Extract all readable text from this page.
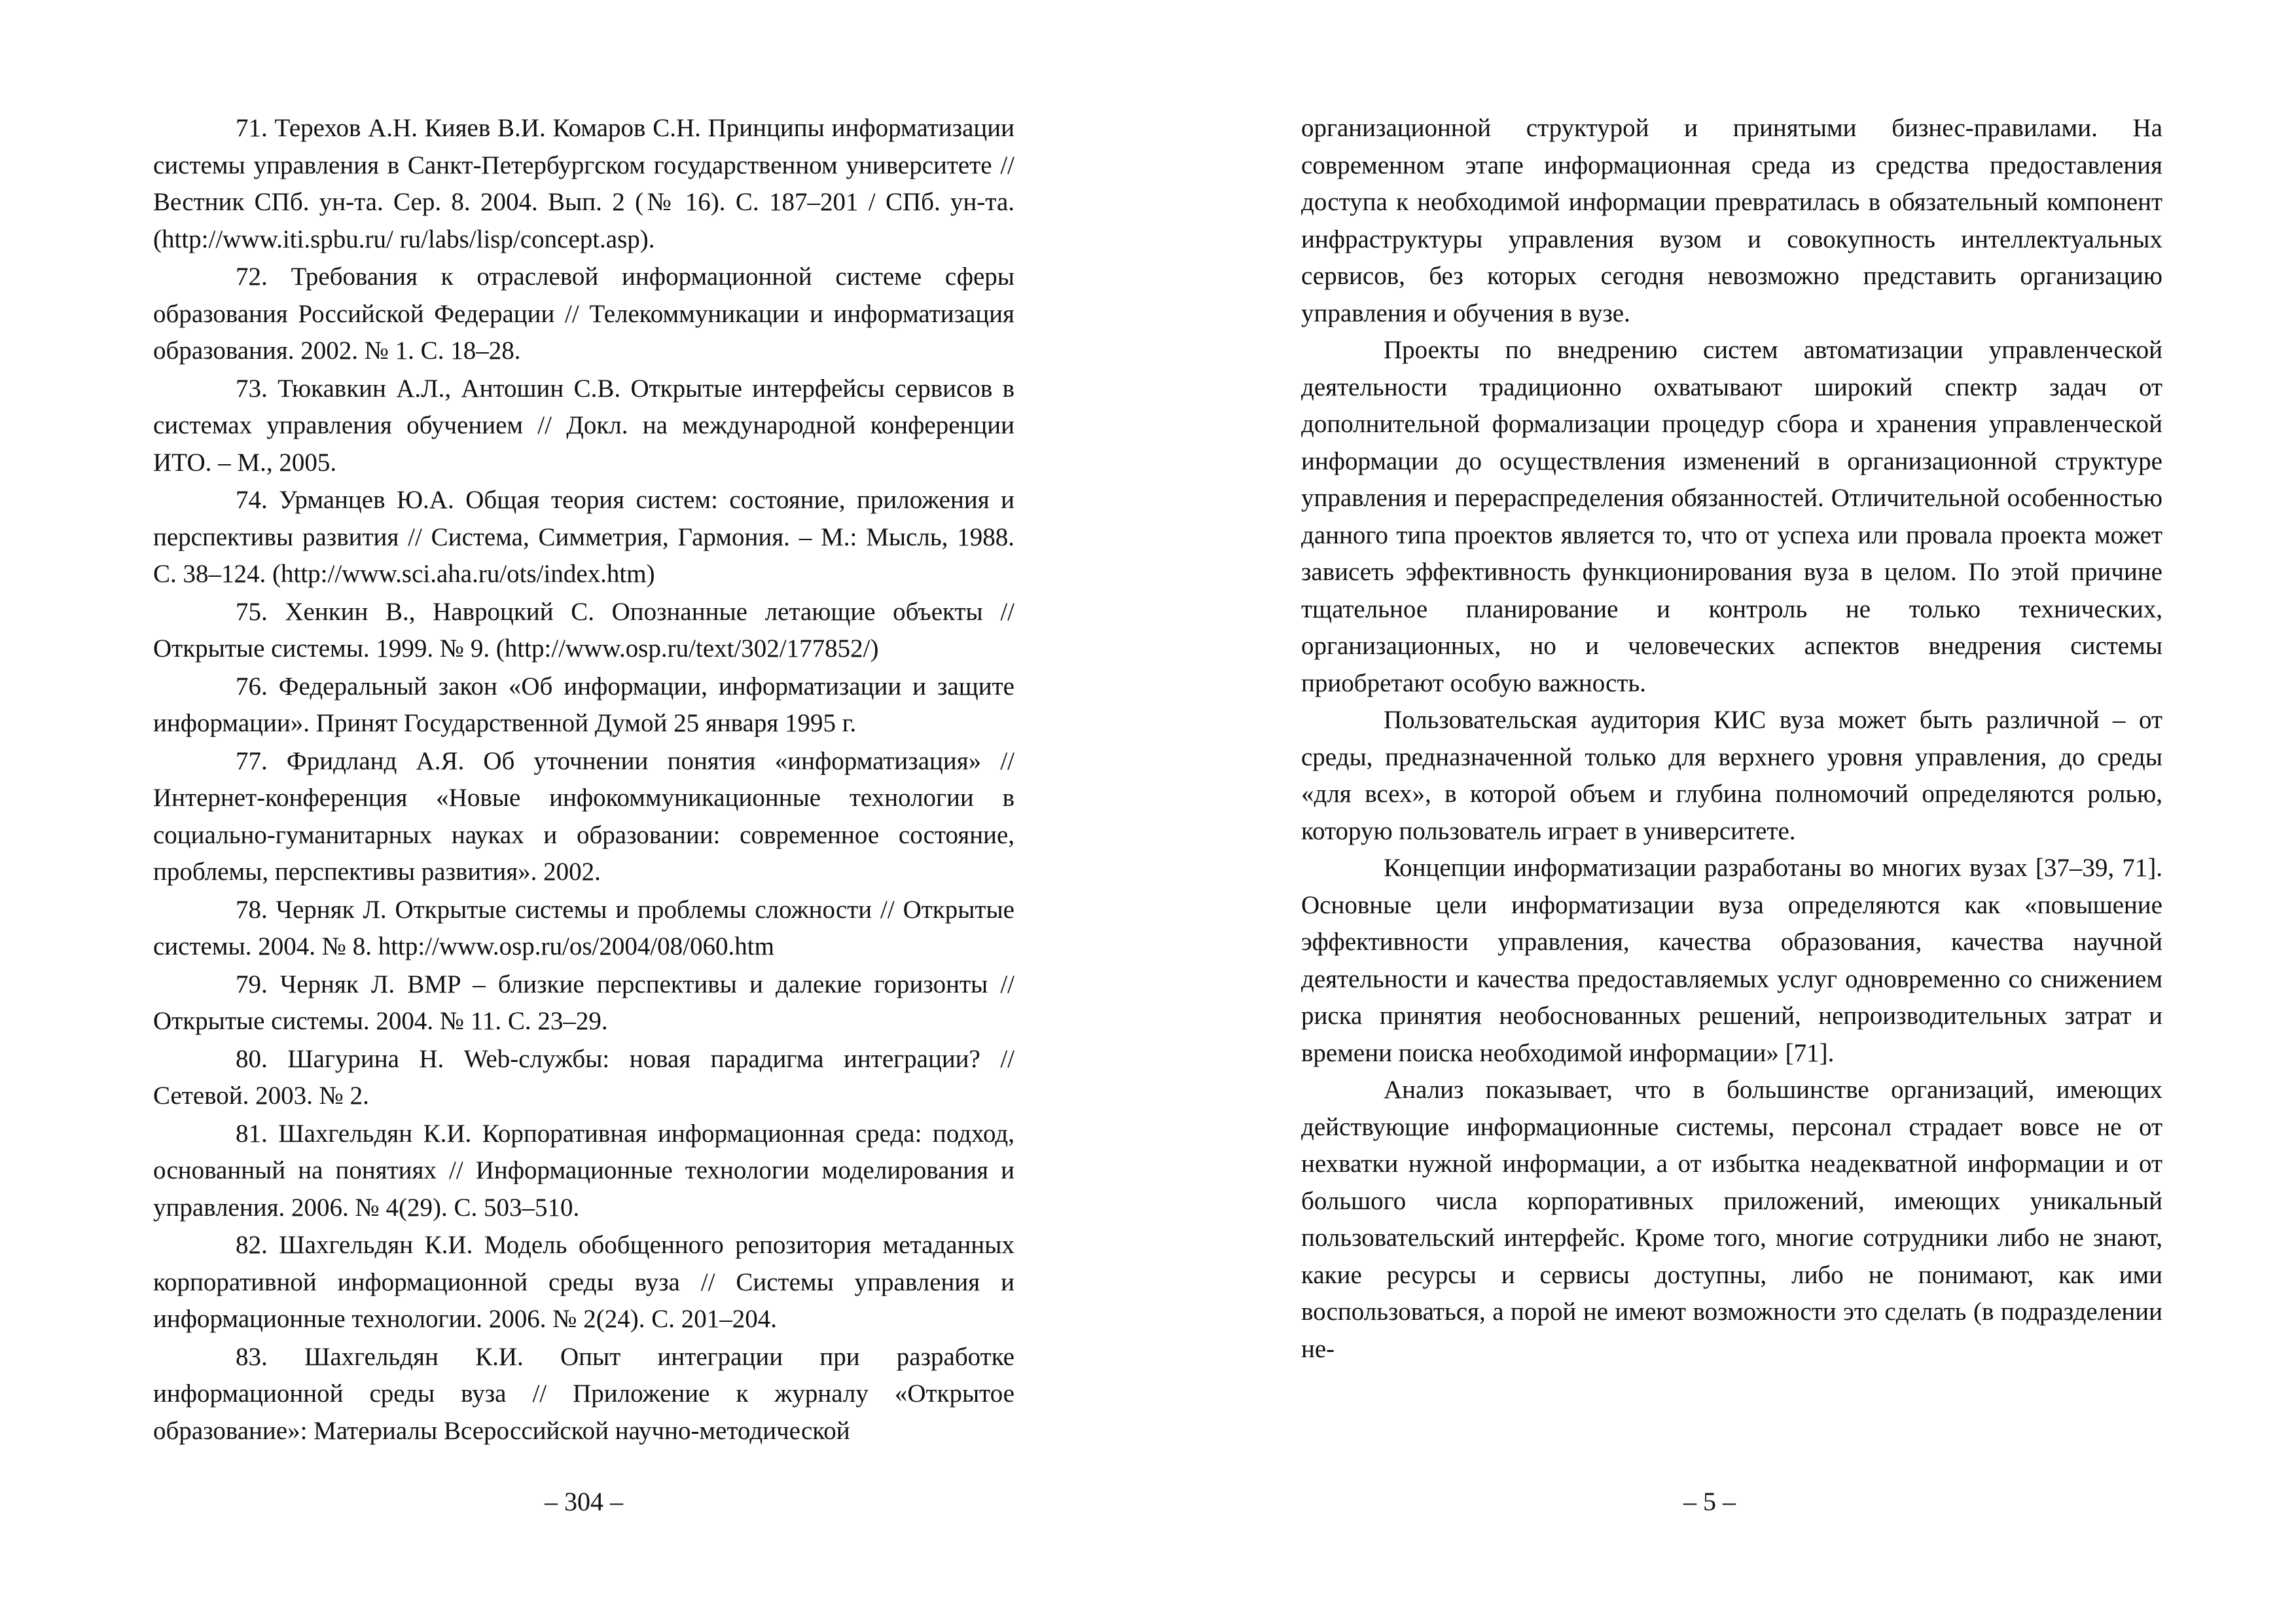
71. Терехов А.Н. Кияев В.И. Комаров С.Н. Принципы информатизации системы управления в Санкт-Петербургском государственном университете // Вестник СПб. ун-та. Сер. 8. 2004. Вып. 2 (№ 16). С. 187–201 / СПб. ун-та. (http://www.iti.spbu.ru/ ru/labs/lisp/concept.asp).

72. Требования к отраслевой информационной системе сферы образования Российской Федерации // Телекоммуникации и информатизация образования. 2002. № 1. С. 18–28.

73. Тюкавкин А.Л., Антошин С.В. Открытые интерфейсы сервисов в системах управления обучением // Докл. на международной конференции ИТО. – М., 2005.

74. Урманцев Ю.А. Общая теория систем: состояние, приложения и перспективы развития // Система, Симметрия, Гармония. – М.: Мысль, 1988. С. 38–124. (http://www.sci.aha.ru/ots/index.htm)

75. Хенкин В., Навроцкий С. Опознанные летающие объекты // Открытые системы. 1999. № 9. (http://www.osp.ru/text/302/177852/)

76. Федеральный закон «Об информации, информатизации и защите информации». Принят Государственной Думой 25 января 1995 г.

77. Фридланд А.Я. Об уточнении понятия «информатизация» // Интернет-конференция «Новые инфокоммуникационные технологии в социально-гуманитарных науках и образовании: современное состояние, проблемы, перспективы развития». 2002.

78. Черняк Л. Открытые системы и проблемы сложности // Открытые системы. 2004. № 8. http://www.osp.ru/os/2004/08/060.htm

79. Черняк Л. BMP – близкие перспективы и далекие горизонты // Открытые системы. 2004. № 11. С. 23–29.

80. Шагурина Н. Web-службы: новая парадигма интеграции? // Сетевой. 2003. № 2.

81. Шахгельдян К.И. Корпоративная информационная среда: подход, основанный на понятиях // Информационные технологии моделирования и управления. 2006. № 4(29). С. 503–510.

82. Шахгельдян К.И. Модель обобщенного репозитория метаданных корпоративной информационной среды вуза // Системы управления и информационные технологии. 2006. № 2(24). С. 201–204.

83. Шахгельдян К.И. Опыт интеграции при разработке информационной среды вуза // Приложение к журналу «Открытое образование»: Материалы Всероссийской научно-методической

– 304 –

организационной структурой и принятыми бизнес-правилами. На современном этапе информационная среда из средства предоставления доступа к необходимой информации превратилась в обязательный компонент инфраструктуры управления вузом и совокупность интеллектуальных сервисов, без которых сегодня невозможно представить организацию управления и обучения в вузе.

Проекты по внедрению систем автоматизации управленческой деятельности традиционно охватывают широкий спектр задач от дополнительной формализации процедур сбора и хранения управленческой информации до осуществления изменений в организационной структуре управления и перераспределения обязанностей. Отличительной особенностью данного типа проектов является то, что от успеха или провала проекта может зависеть эффективность функционирования вуза в целом. По этой причине тщательное планирование и контроль не только технических, организационных, но и человеческих аспектов внедрения системы приобретают особую важность.

Пользовательская аудитория КИС вуза может быть различной – от среды, предназначенной только для верхнего уровня управления, до среды «для всех», в которой объем и глубина полномочий определяются ролью, которую пользователь играет в университете.

Концепции информатизации разработаны во многих вузах [37–39, 71]. Основные цели информатизации вуза определяются как «повышение эффективности управления, качества образования, качества научной деятельности и качества предоставляемых услуг одновременно со снижением риска принятия необоснованных решений, непроизводительных затрат и времени поиска необходимой информации» [71].

Анализ показывает, что в большинстве организаций, имеющих действующие информационные системы, персонал страдает вовсе не от нехватки нужной информации, а от избытка неадекватной информации и от большого числа корпоративных приложений, имеющих уникальный пользовательский интерфейс. Кроме того, многие сотрудники либо не знают, какие ресурсы и сервисы доступны, либо не понимают, как ими воспользоваться, а порой не имеют возможности это сделать (в подразделении не-

– 5 –
